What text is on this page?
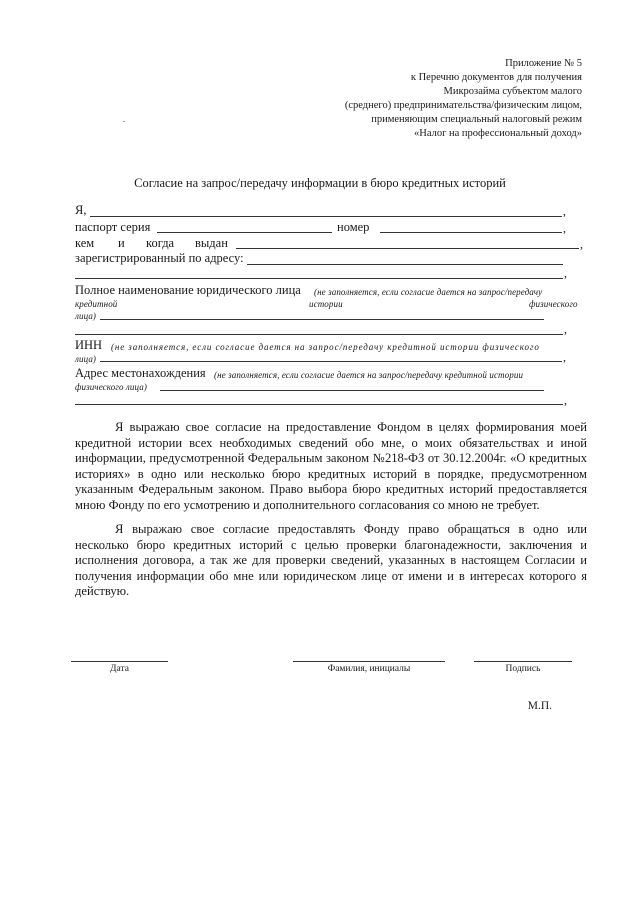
Приложение № 5
к Перечню документов для получения
Микрозайма субъектом малого
(среднего) предпринимательства/физическим лицом,
применяющим специальный налоговый режим
«Налог на профессиональный доход»
Согласие на запрос/передачу информации в бюро кредитных историй
Я,	,
паспорт серия	номер	,
кем и когда выдан	,
зарегистрированный по адресу:
,
Полное наименование юридического лица (не заполняется, если согласие дается на запрос/передачу
кредитной	истории	физического
лица)
,
ИНН (не заполняется, если согласие дается на запрос/передачу кредитной истории физического
лица)	,
Адрес местонахождения (не заполняется, если согласие дается на запрос/передачу кредитной истории
физического лица)
,
Я выражаю свое согласие на предоставление Фондом в целях формирования моей кредитной истории всех необходимых сведений обо мне, о моих обязательствах и иной информации, предусмотренной Федеральным законом №218-ФЗ от 30.12.2004г. «О кредитных историях» в одно или несколько бюро кредитных историй в порядке, предусмотренном указанным Федеральным законом. Право выбора бюро кредитных историй предоставляется мною Фонду по его усмотрению и дополнительного согласования со мною не требует.
Я выражаю свое согласие предоставлять Фонду право обращаться в одно или несколько бюро кредитных историй с целью проверки благонадежности, заключения и исполнения договора, а так же для проверки сведений, указанных в настоящем Согласии и получения информации обо мне или юридическом лице от имени и в интересах которого я действую.
Дата	Фамилия, инициалы	Подпись
М.П.
